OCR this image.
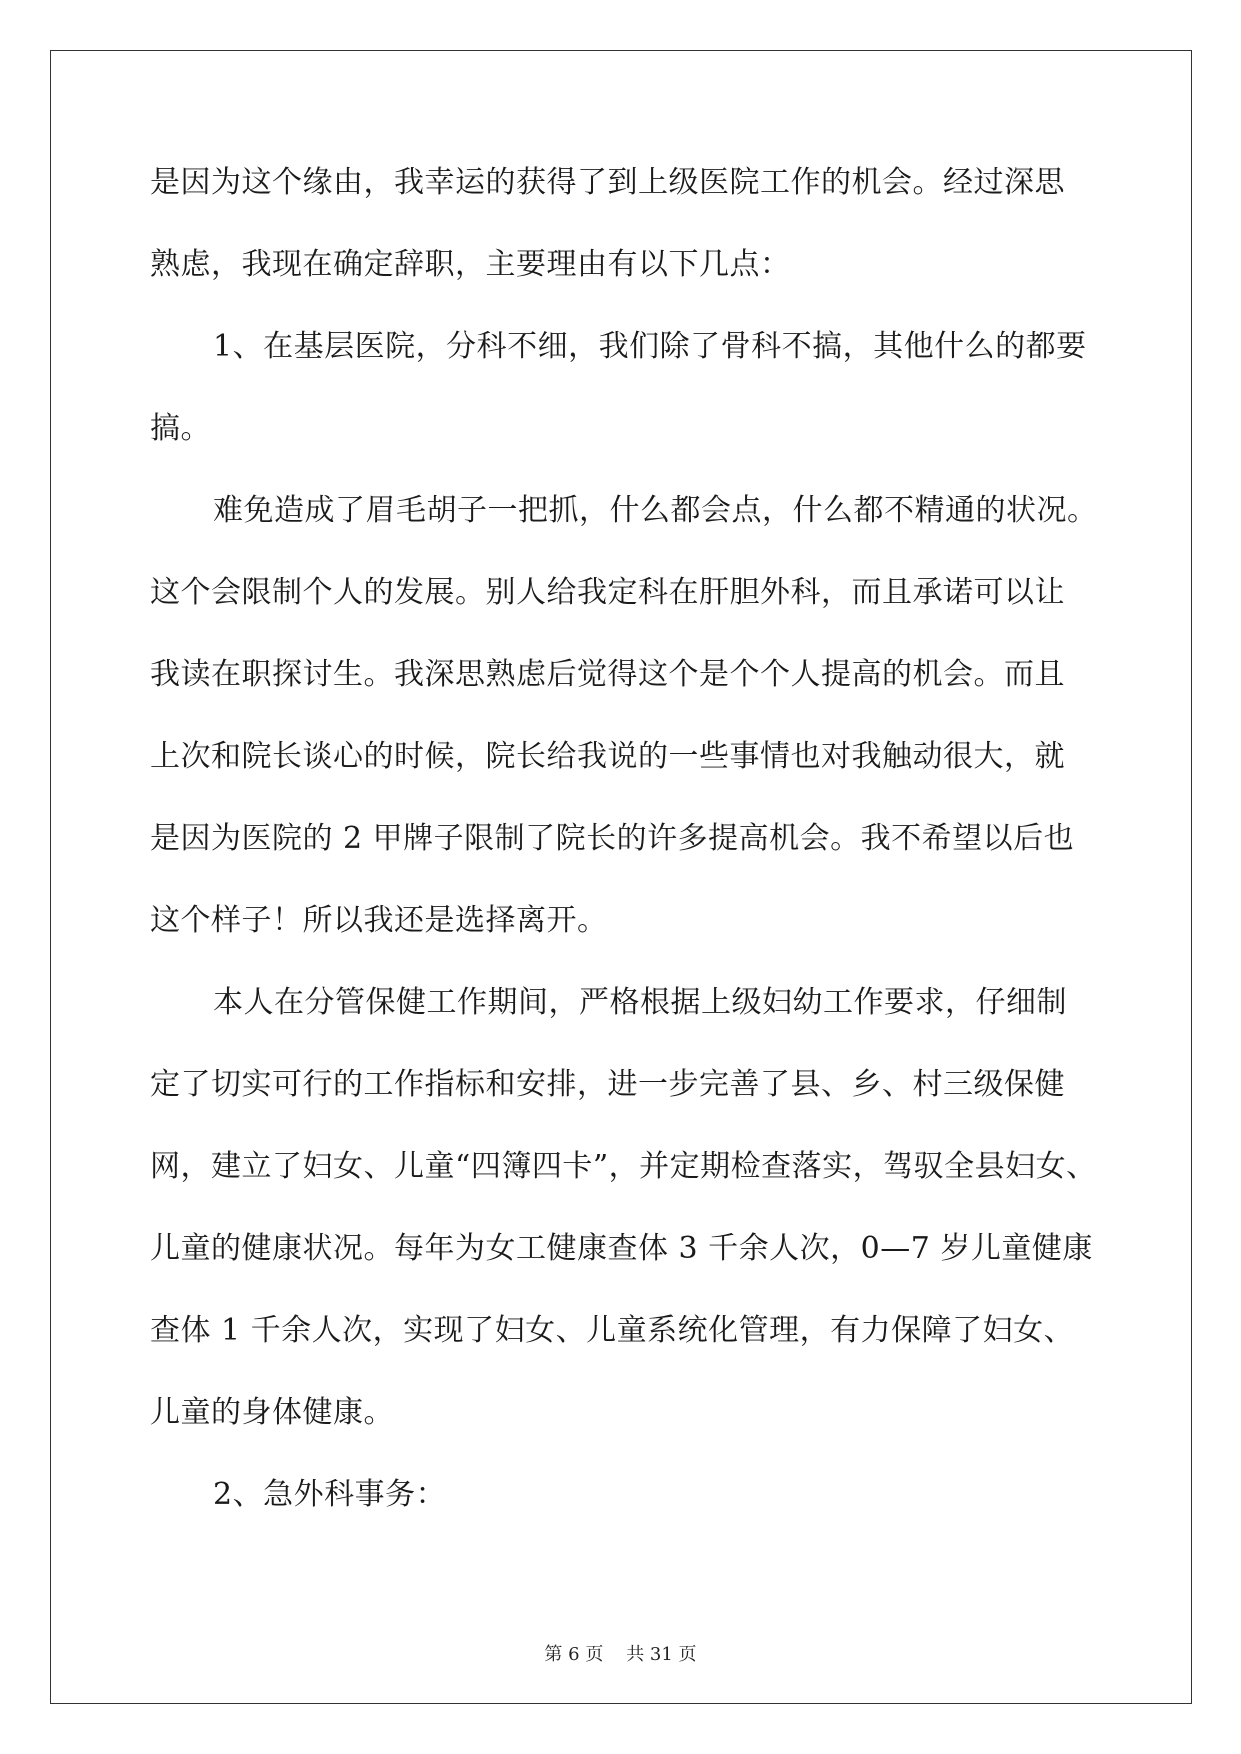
是因为这个缘由，我幸运的获得了到上级医院工作的机会。经过深思
熟虑，我现在确定辞职，主要理由有以下几点：
1、在基层医院，分科不细，我们除了骨科不搞，其他什么的都要
搞。
难免造成了眉毛胡子一把抓，什么都会点，什么都不精通的状况。
这个会限制个人的发展。别人给我定科在肝胆外科，而且承诺可以让
我读在职探讨生。我深思熟虑后觉得这个是个个人提高的机会。而且
上次和院长谈心的时候，院长给我说的一些事情也对我触动很大，就
是因为医院的 2 甲牌子限制了院长的许多提高机会。我不希望以后也
这个样子！所以我还是选择离开。
本人在分管保健工作期间，严格根据上级妇幼工作要求，仔细制
定了切实可行的工作指标和安排，进一步完善了县、乡、村三级保健
网，建立了妇女、儿童“四簿四卡”，并定期检查落实，驾驭全县妇女、
儿童的健康状况。每年为女工健康查体 3 千余人次，0—7 岁儿童健康
查体 1 千余人次，实现了妇女、儿童系统化管理，有力保障了妇女、
儿童的身体健康。
2、急外科事务：
第 6 页    共 31 页
